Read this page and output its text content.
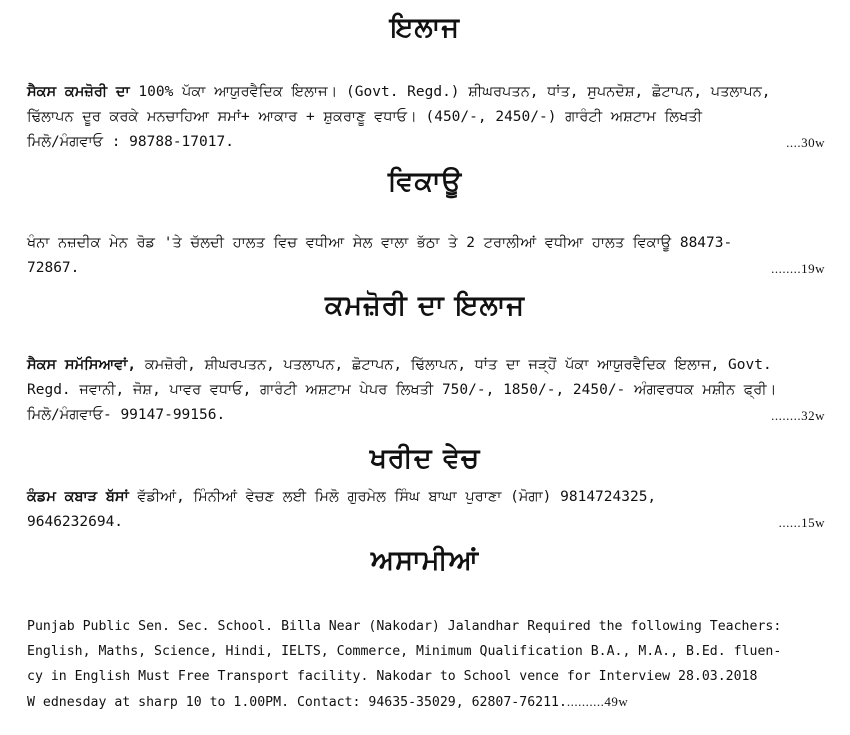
ਇਲਾਜ
ਸੈਕਸ ਕਮਜ਼ੋਰੀ ਦਾ 100% ਪੱਕਾ ਆਯੁਰਵੈਦਿਕ ਇਲਾਜ। (Govt. Regd.) ਸ਼ੀਘਰਪਤਨ, ਧਾਂਤ, ਸੁਪਨਦੋਸ਼, ਛੋਟਾਪਨ, ਪਤਲਾਪਨ,
ਢਿੱਲਾਪਨ ਦੂਰ ਕਰਕੇ ਮਨਚਾਹਿਆ ਸਮਾਂ+ ਆਕਾਰ + ਸ਼ੁਕਰਾਣੂ ਵਧਾਓ। (450/-, 2450/-) ਗਾਰੰਟੀ ਅਸ਼ਟਾਮ ਲਿਖਤੀ
ਮਿਲੋ/ਮੰਗਵਾਓ : 98788-17017.	....30w
ਵਿਕਾਊ
ਖੰਨਾ ਨਜ਼ਦੀਕ ਮੇਨ ਰੋਡ 'ਤੇ ਚੱਲਦੀ ਹਾਲਤ ਵਿਚ ਵਧੀਆ ਸੇਲ ਵਾਲਾ ਭੱਠਾ ਤੇ 2 ਟਰਾਲੀਆਂ ਵਧੀਆ ਹਾਲਤ ਵਿਕਾਊ 88473-
72867.	........19w
ਕਮਜ਼ੋਰੀ ਦਾ ਇਲਾਜ
ਸੈਕਸ ਸਮੱਸਿਆਵਾਂ, ਕਮਜ਼ੋਰੀ, ਸ਼ੀਘਰਪਤਨ, ਪਤਲਾਪਨ, ਛੋਟਾਪਨ, ਢਿੱਲਾਪਨ, ਧਾਂਤ ਦਾ ਜੜ੍ਹੋਂ ਪੱਕਾ ਆਯੁਰਵੈਦਿਕ ਇਲਾਜ, Govt.
Regd. ਜਵਾਨੀ, ਜੋਸ਼, ਪਾਵਰ ਵਧਾਓ, ਗਾਰੰਟੀ ਅਸ਼ਟਾਮ ਪੇਪਰ ਲਿਖਤੀ 750/-, 1850/-, 2450/- ਅੰਗਵਰਧਕ ਮਸ਼ੀਨ ਫ੍ਰੀ।
ਮਿਲੋ/ਮੰਗਵਾਓ- 99147-99156.	........32w
ਖਰੀਦ ਵੇਚ
ਕੰਡਮ ਕਬਾੜ ਬੱਸਾਂ ਵੱਡੀਆਂ, ਮਿੰਨੀਆਂ ਵੇਚਣ ਲਈ ਮਿਲੋ ਗੁਰਮੇਲ ਸਿੰਘ ਬਾਘਾ ਪੁਰਾਣਾ (ਮੋਗਾ) 9814724325,
9646232694.	......15w
ਅਸਾਮੀਆਂ
Punjab Public Sen. Sec. School. Billa Near (Nakodar) Jalandhar Required the following Teachers:
English, Maths, Science, Hindi, IELTS, Commerce, Minimum Qualification B.A., M.A., B.Ed. fluen-
cy in English Must Free Transport facility. Nakodar to School vence for Interview 28.03.2018
W ednesday at sharp 10 to 1.00PM. Contact: 94635-35029, 62807-76211...........49w
